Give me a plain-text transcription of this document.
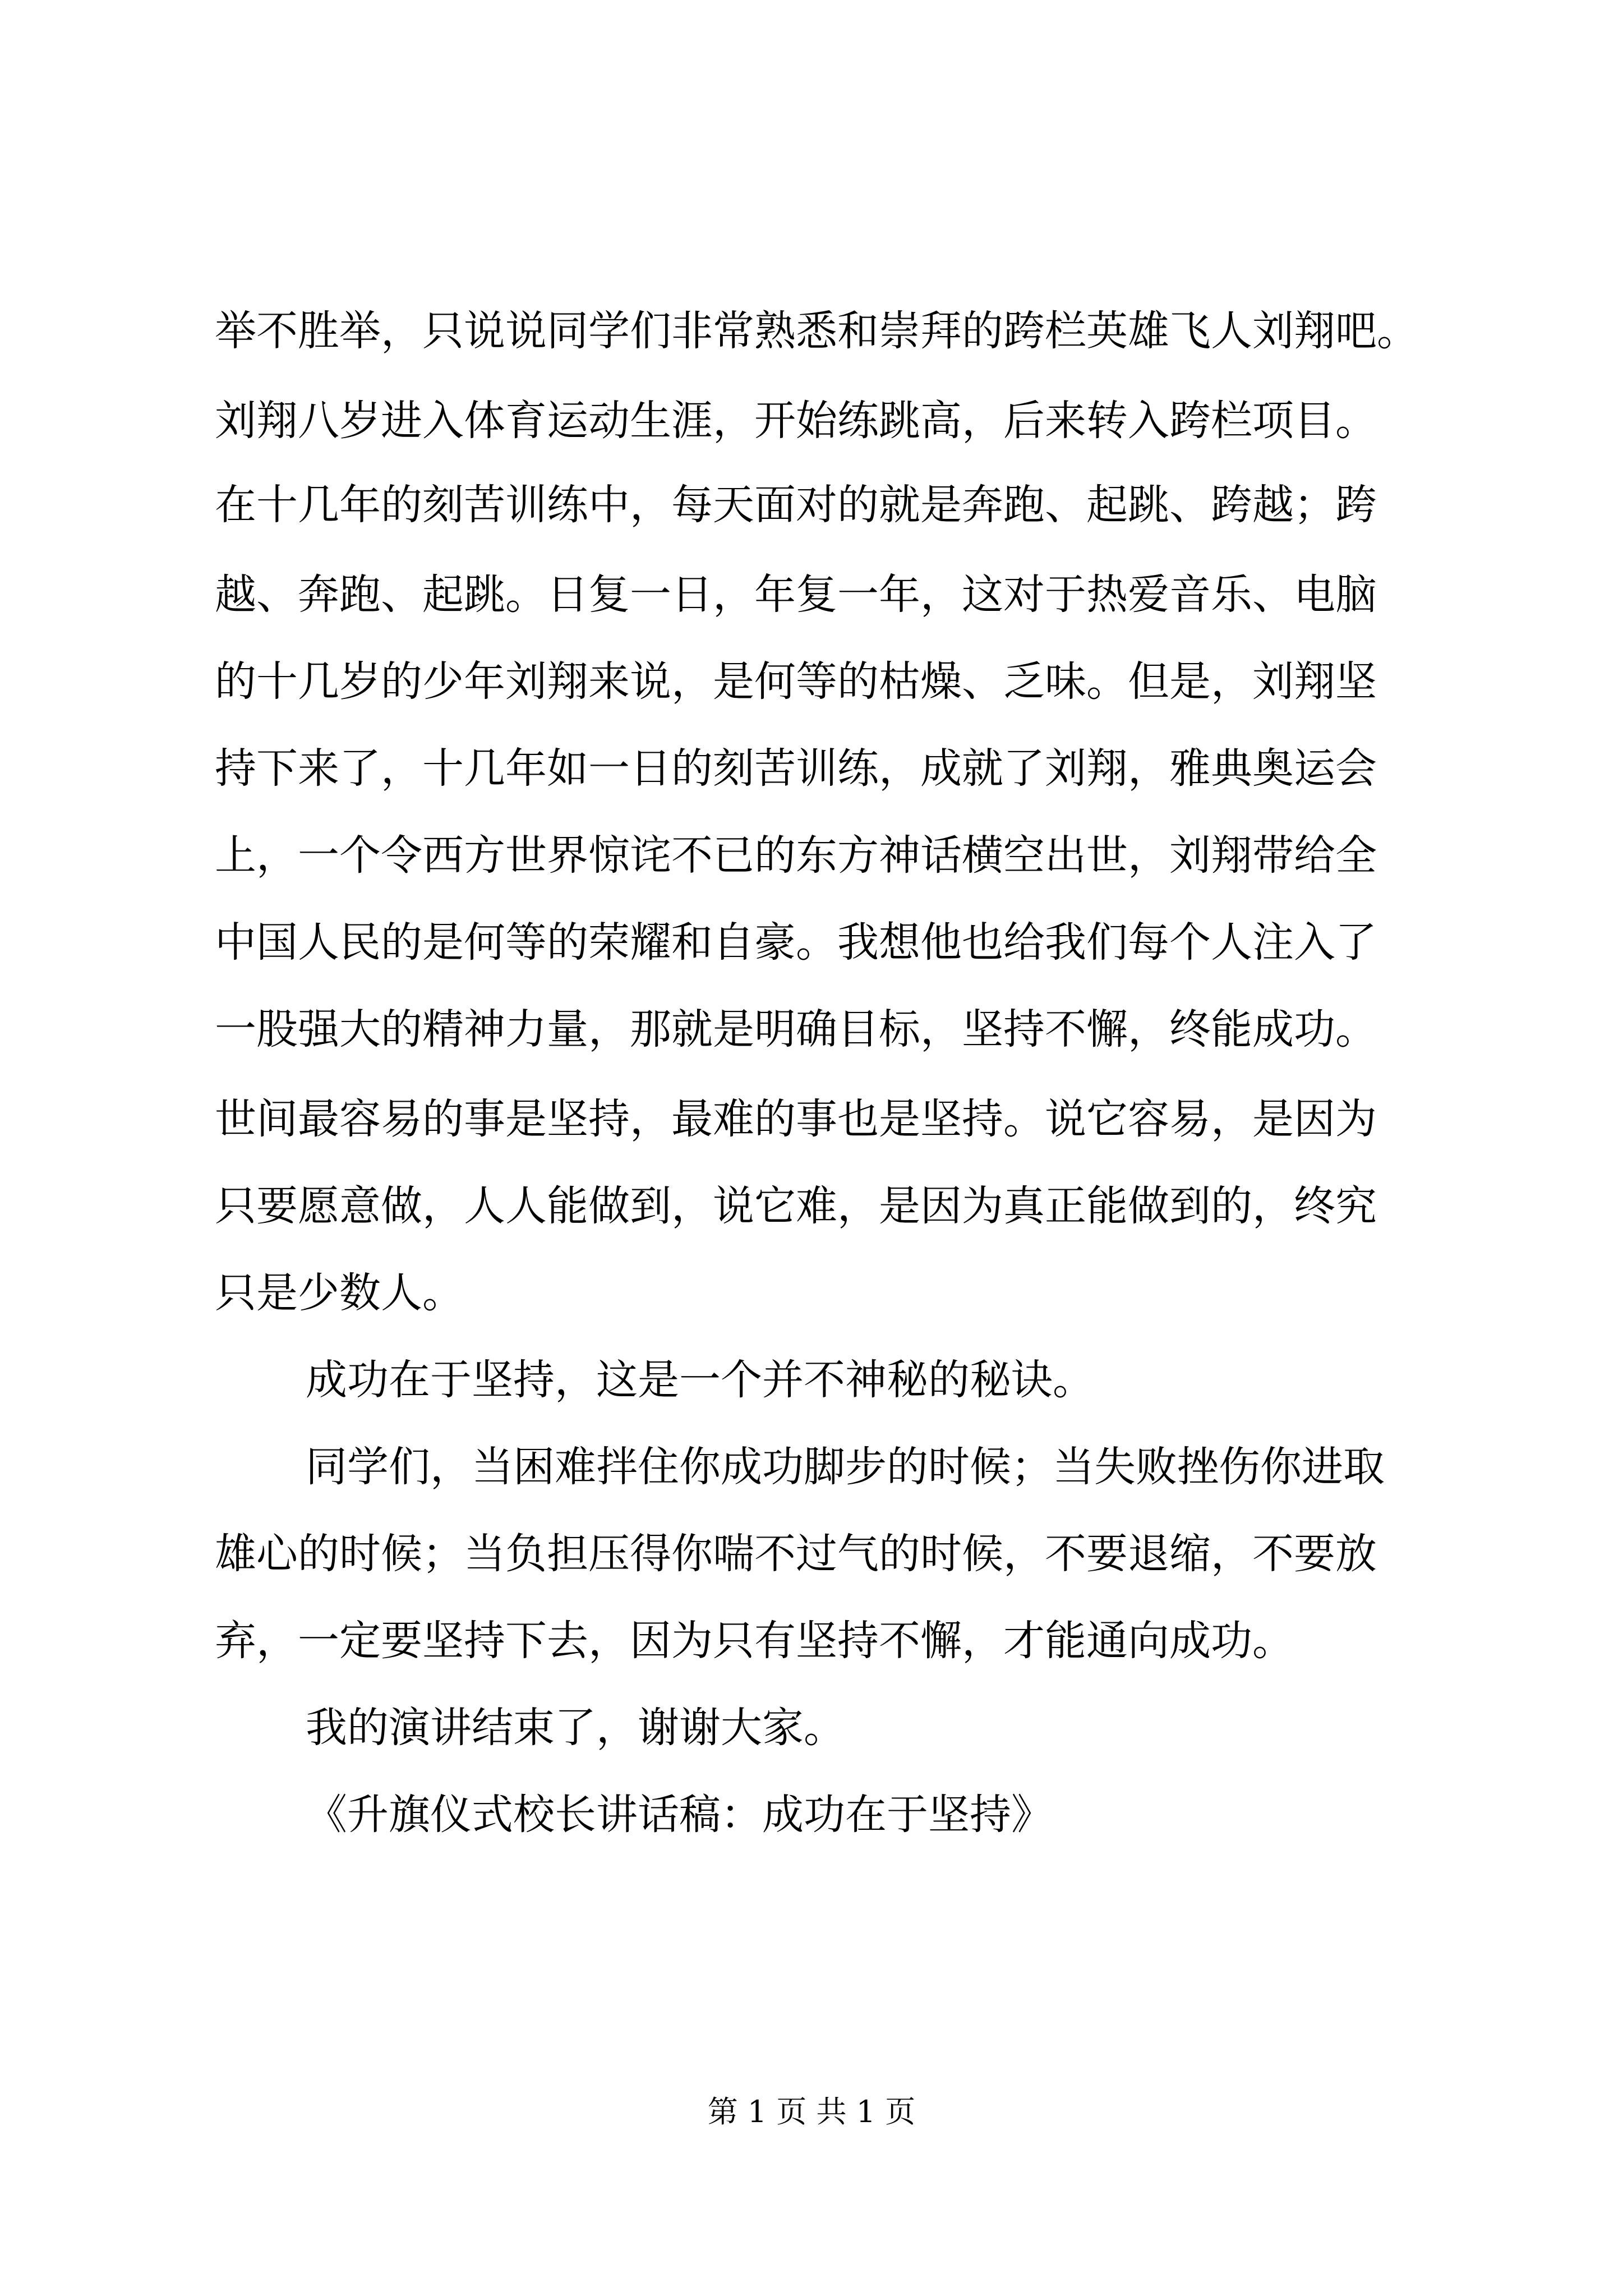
举不胜举，只说说同学们非常熟悉和崇拜的跨栏英雄飞人刘翔吧。
刘翔八岁进入体育运动生涯，开始练跳高，后来转入跨栏项目。
在十几年的刻苦训练中，每天面对的就是奔跑、起跳、跨越；跨
越、奔跑、起跳。日复一日，年复一年，这对于热爱音乐、电脑
的十几岁的少年刘翔来说，是何等的枯燥、乏味。但是，刘翔坚
持下来了，十几年如一日的刻苦训练，成就了刘翔，雅典奥运会
上，一个令西方世界惊诧不已的东方神话横空出世，刘翔带给全
中国人民的是何等的荣耀和自豪。我想他也给我们每个人注入了
一股强大的精神力量，那就是明确目标，坚持不懈，终能成功。
世间最容易的事是坚持，最难的事也是坚持。说它容易，是因为
只要愿意做，人人能做到，说它难，是因为真正能做到的，终究
只是少数人。
成功在于坚持，这是一个并不神秘的秘诀。
同学们，当困难拌住你成功脚步的时候；当失败挫伤你进取
雄心的时候；当负担压得你喘不过气的时候，不要退缩，不要放
弃，一定要坚持下去，因为只有坚持不懈，才能通向成功。
我的演讲结束了，谢谢大家。
《升旗仪式校长讲话稿：成功在于坚持》
第 1 页 共 1 页
